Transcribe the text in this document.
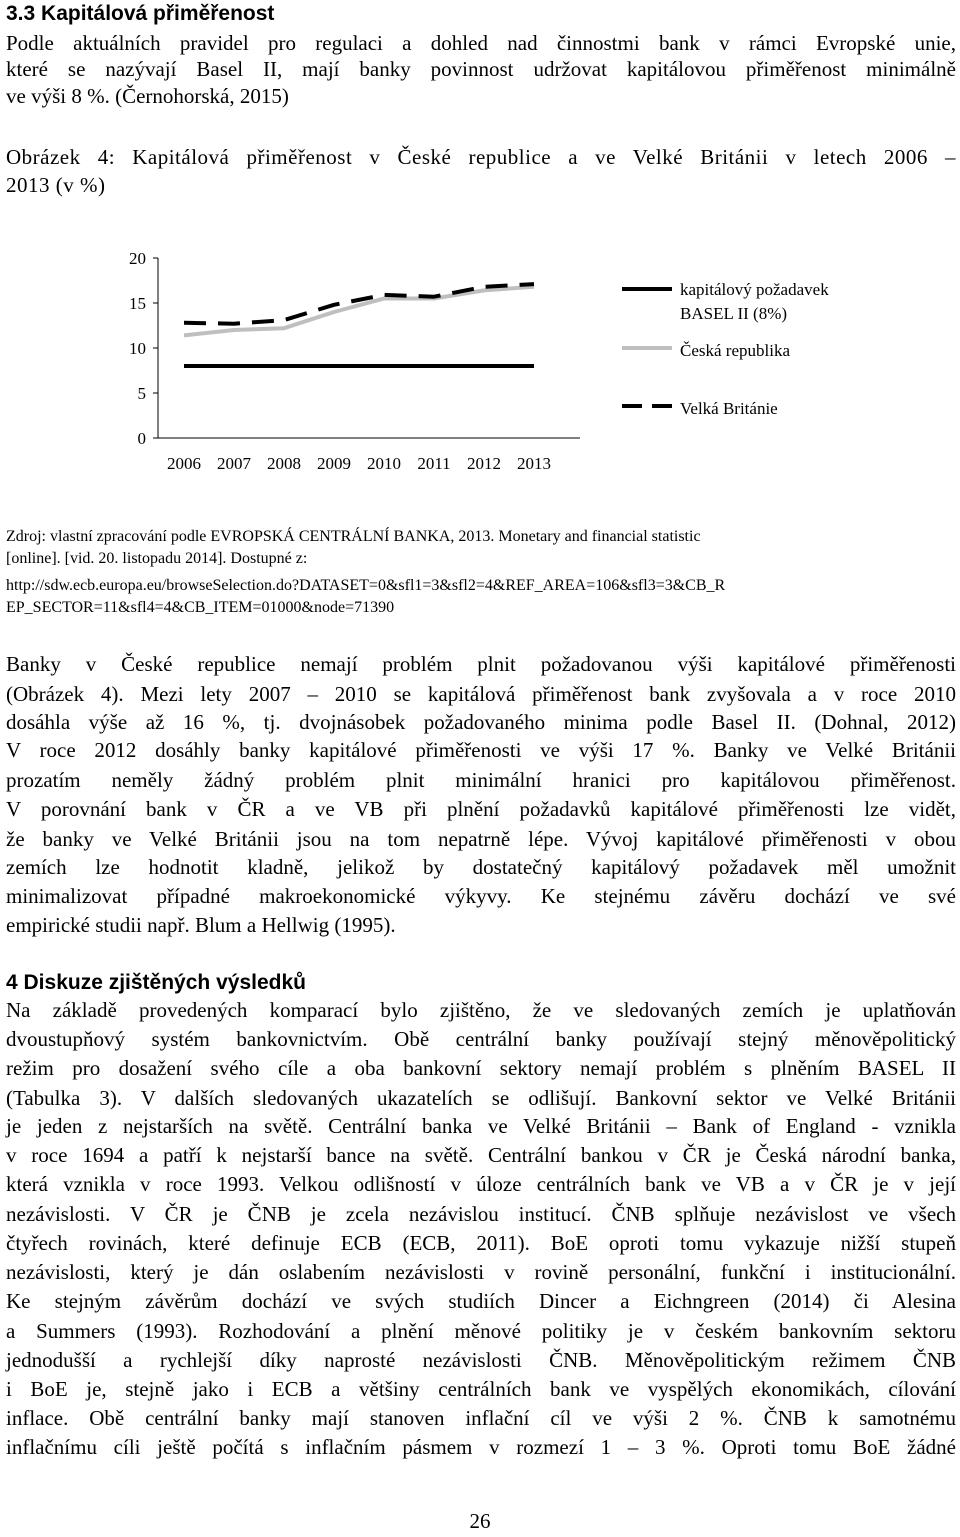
3.3 Kapitálová přiměřenost
Podle aktuálních pravidel pro regulaci a dohled nad činnostmi bank v rámci Evropské unie,
které se nazývají Basel II, mají banky povinnost udržovat kapitálovou přiměřenost minimálně
ve výši 8 %. (Černohorská, 2015)
Obrázek 4: Kapitálová přiměřenost v České republice a ve Velké Británii v letech 2006 –
2013 (v %)
0
5
10
15
20
2006 2007 2008 2009 2010 2011 2012 2013
kapitálový požadavek
BASEL II (8%)
Česká republika
Velká Británie
Zdroj: vlastní zpracování podle EVROPSKÁ CENTRÁLNÍ BANKA, 2013. Monetary and financial statistic
[online]. [vid. 20. listopadu 2014]. Dostupné z:
http://sdw.ecb.europa.eu/browseSelection.do?DATASET=0&sfl1=3&sfl2=4&REF_AREA=106&sfl3=3&CB_R
EP_SECTOR=11&sfl4=4&CB_ITEM=01000&node=71390
Banky v České republice nemají problém plnit požadovanou výši kapitálové přiměřenosti
(Obrázek 4). Mezi lety 2007 – 2010 se kapitálová přiměřenost bank zvyšovala a v roce 2010
dosáhla výše až 16 %, tj. dvojnásobek požadovaného minima podle Basel II. (Dohnal, 2012)
V roce 2012 dosáhly banky kapitálové přiměřenosti ve výši 17 %. Banky ve Velké Británii
prozatím neměly žádný problém plnit minimální hranici pro kapitálovou přiměřenost.
V porovnání bank v ČR a ve VB při plnění požadavků kapitálové přiměřenosti lze vidět,
že banky ve Velké Británii jsou na tom nepatrně lépe. Vývoj kapitálové přiměřenosti v obou
zemích lze hodnotit kladně, jelikož by dostatečný kapitálový požadavek měl umožnit
minimalizovat případné makroekonomické výkyvy. Ke stejnému závěru dochází ve své
empirické studii např. Blum a Hellwig (1995).
4 Diskuze zjištěných výsledků
Na základě provedených komparací bylo zjištěno, že ve sledovaných zemích je uplatňován
dvoustupňový systém bankovnictvím. Obě centrální banky používají stejný měnověpolitický
režim pro dosažení svého cíle a oba bankovní sektory nemají problém s plněním BASEL II
(Tabulka 3). V dalších sledovaných ukazatelích se odlišují. Bankovní sektor ve Velké Británii
je jeden z nejstarších na světě. Centrální banka ve Velké Británii – Bank of England - vznikla
v roce 1694 a patří k nejstarší bance na světě. Centrální bankou v ČR je Česká národní banka,
která vznikla v roce 1993. Velkou odlišností v úloze centrálních bank ve VB a v ČR je v její
nezávislosti. V ČR je ČNB je zcela nezávislou institucí. ČNB splňuje nezávislost ve všech
čtyřech rovinách, které definuje ECB (ECB, 2011). BoE oproti tomu vykazuje nižší stupeň
nezávislosti, který je dán oslabením nezávislosti v rovině personální, funkční i institucionální.
Ke stejným závěrům dochází ve svých studiích Dincer a Eichngreen (2014) či Alesina
a Summers (1993). Rozhodování a plnění měnové politiky je v českém bankovním sektoru
jednodušší a rychlejší díky naprosté nezávislosti ČNB. Měnověpolitickým režimem ČNB
i BoE je, stejně jako i ECB a většiny centrálních bank ve vyspělých ekonomikách, cílování
inflace. Obě centrální banky mají stanoven inflační cíl ve výši 2 %. ČNB k samotnému
inflačnímu cíli ještě počítá s inflačním pásmem v rozmezí 1 – 3 %. Oproti tomu BoE žádné
26
